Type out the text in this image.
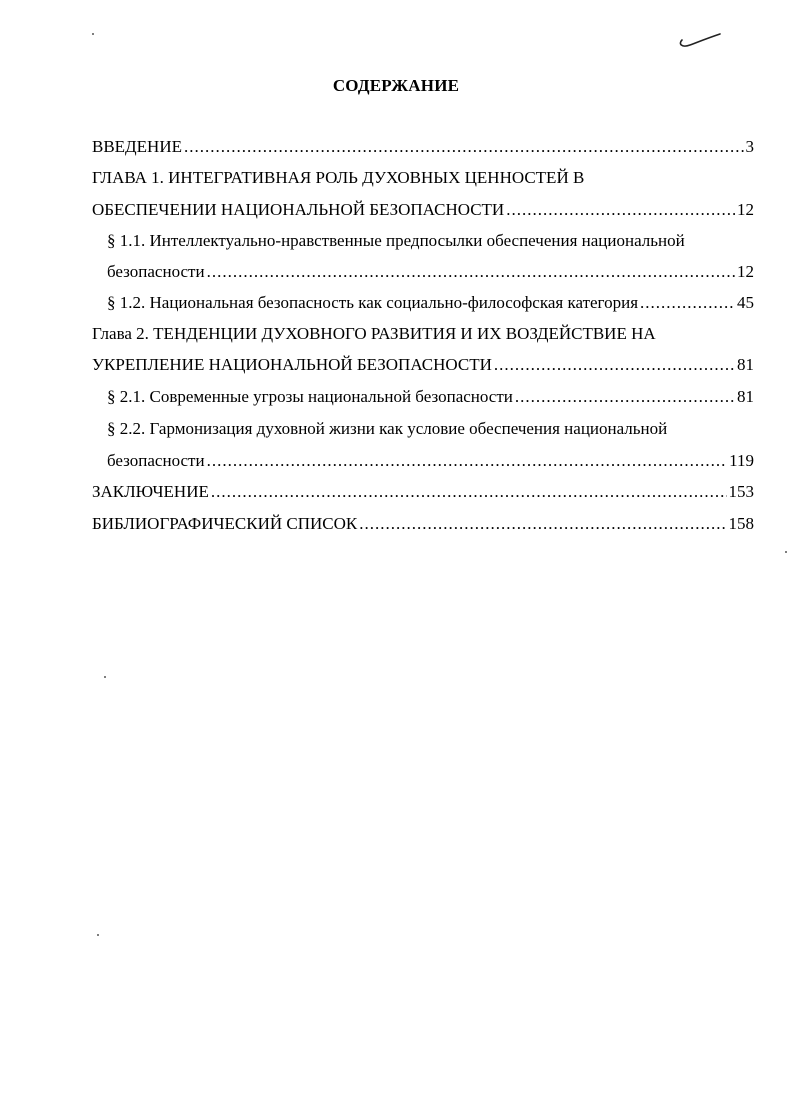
СОДЕРЖАНИЕ
ВВЕДЕНИЕ .....	3
ГЛАВА 1. ИНТЕГРАТИВНАЯ РОЛЬ ДУХОВНЫХ ЦЕННОСТЕЙ В
ОБЕСПЕЧЕНИИ НАЦИОНАЛЬНОЙ БЕЗОПАСНОСТИ .....	12
§ 1.1. Интеллектуально-нравственные предпосылки обеспечения национальной
безопасности .....	12
§ 1.2. Национальная безопасность как социально-философская категория .....	45
Глава 2. ТЕНДЕНЦИИ ДУХОВНОГО РАЗВИТИЯ И ИХ ВОЗДЕЙСТВИЕ НА
УКРЕПЛЕНИЕ НАЦИОНАЛЬНОЙ БЕЗОПАСНОСТИ .....	81
§ 2.1. Современные угрозы национальной безопасности .....	81
§ 2.2. Гармонизация духовной жизни как условие обеспечения национальной
безопасности .....	119
ЗАКЛЮЧЕНИЕ .....	153
БИБЛИОГРАФИЧЕСКИЙ СПИСОК .....	158
